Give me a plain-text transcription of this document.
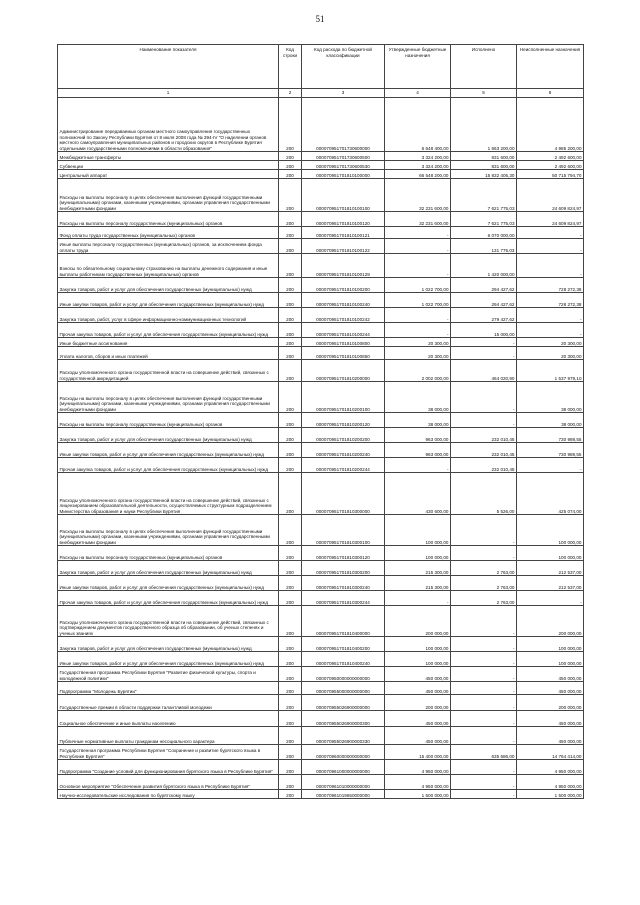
51
Наименование показателя	Код строки	Код расхода по бюджетной классификации	Утвержденные бюджетные назначения	Исполнено	Неисполненные назначения
1	2	3	4	5	6
Администрирование передаваемых органам местного самоуправления государственных полномочий по Закону Республики Бурятия от 8 июля 2008 года № 394-IV "О наделении органов местного самоуправления муниципальных районов и городских округов в Республике Бурятия отдельными государственными полномочиями в области образования"	200	000070951701730600000	6 648 400,00	1 663 200,00	4 985 200,00
Межбюджетные трансферты	200	000070951701730600500	3 324 200,00	831 600,00	2 492 600,00
Субвенции	200	000070951701730600530	3 324 200,00	831 600,00	2 492 600,00
Центральный аппарат	200	000070951701810100000	66 548 200,00	15 832 405,30	50 715 794,70
Расходы на выплаты персоналу в целях обеспечения выполнения функций государственными (муниципальными) органами, казенными учреждениями, органами управления государственными внебюджетными фондами	200	000070951701810100100	32 231 600,00	7 621 775,03	24 609 824,97
Расходы на выплаты персоналу государственных (муниципальных) органов	200	000070951701810100120	32 231 600,00	7 621 775,03	24 609 824,97
Фонд оплаты труда государственных (муниципальных) органов	200	000070951701810100121	-	6 070 000,00	-
Иные выплаты персоналу государственных (муниципальных) органов, за исключением фонда оплаты труда	200	000070951701810100122	-	131 775,03	-
Взносы по обязательному социальному страхованию на выплаты денежного содержания и иные выплаты работникам государственных (муниципальных) органов	200	000070951701810100129	-	1 420 000,00	-
Закупка товаров, работ и услуг для обеспечения государственных (муниципальных) нужд	200	000070951701810100200	1 022 700,00	294 427,62	728 272,38
Иные закупки товаров, работ и услуг для обеспечения государственных (муниципальных) нужд	200	000070951701810100240	1 022 700,00	294 427,62	728 272,38
Закупка товаров, работ, услуг в сфере информационно-коммуникационных технологий	200	000070951701810100242	-	279 427,62	-
Прочая закупка товаров, работ и услуг для обеспечения государственных (муниципальных) нужд	200	000070951701810100244	-	15 000,00	-
Иные бюджетные ассигнования	200	000070951701810100800	20 300,00	-	20 300,00
Уплата налогов, сборов и иных платежей	200	000070951701810100850	20 300,00	-	20 300,00
Расходы уполномоченного органа государственной власти на совершение действий, связанных с государственной аккредитацией	200	000070951701810200000	2 002 000,00	464 020,90	1 537 979,10
Расходы на выплаты персоналу в целях обеспечения выполнения функций государственными (муниципальными) органами, казенными учреждениями, органами управления государственными внебюджетными фондами	200	000070951701810200100	38 000,00	-	38 000,00
Расходы на выплаты персоналу государственных (муниципальных) органов	200	000070951701810200120	38 000,00	-	38 000,00
Закупка товаров, работ и услуг для обеспечения государственных (муниципальных) нужд	200	000070951701810200200	963 000,00	232 010,45	730 989,55
Иные закупки товаров, работ и услуг для обеспечения государственных (муниципальных) нужд	200	000070951701810200240	963 000,00	232 010,45	730 989,55
Прочая закупка товаров, работ и услуг для обеспечения государственных (муниципальных) нужд	200	000070951701810200244	-	232 010,45	-
Расходы уполномоченного органа государственной власти на совершение действий, связанных с лицензированием образовательной деятельности, осуществляемых структурным подразделением Министерства образования и науки Республики Бурятия	200	000070951701810300000	430 600,00	5 526,00	425 074,00
Расходы на выплаты персоналу в целях обеспечения выполнения функций государственными (муниципальными) органами, казенными учреждениями, органами управления государственными внебюджетными фондами	200	000070951701810300100	100 000,00	-	100 000,00
Расходы на выплаты персоналу государственных (муниципальных) органов	200	000070951701810300120	100 000,00	-	100 000,00
Закупка товаров, работ и услуг для обеспечения государственных (муниципальных) нужд	200	000070951701810300200	215 300,00	2 763,00	212 537,00
Иные закупки товаров, работ и услуг для обеспечения государственных (муниципальных) нужд	200	000070951701810300240	215 300,00	2 763,00	212 537,00
Прочая закупка товаров, работ и услуг для обеспечения государственных (муниципальных) нужд	200	000070951701810300244	-	2 763,00	-
Расходы уполномоченного органа государственной власти на совершение действий, связанных с подтверждением документов государственного образца об образовании, об ученых степенях и ученых званиях	200	000070951701810400000	200 000,00	-	200 000,00
Закупка товаров, работ и услуг для обеспечения государственных (муниципальных) нужд	200	000070951701810400200	100 000,00	-	100 000,00
Иные закупки товаров, работ и услуг для обеспечения государственных (муниципальных) нужд	200	000070951701810400240	100 000,00	-	100 000,00
Государственная программа Республики Бурятия "Развитие физической культуры, спорта и молодежной политики"	200	000070950000000000000	450 000,00	-	450 000,00
Подпрограмма "Молодежь Бурятии"	200	000070955000000000000	450 000,00	-	450 000,00
Государственные премии в области поддержки талантливой молодежи	200	000070955026900000000	200 000,00	-	200 000,00
Социальное обеспечение и иные выплаты населению	200	000070955026900000300	450 000,00	-	450 000,00
Публичные нормативные выплаты гражданам несоциального характера	200	000070955026900000330	450 000,00	-	450 000,00
Государственная программа Республики Бурятия "Сохранение и развитие бурятского языка в Республике Бурятия"	200	000070960000000000000	15 400 000,00	635 586,00	14 764 414,00
Подпрограмма "Создание условий для функционирования бурятского языка в Республике Бурятия"	200	000070961000000000000	4 950 000,00	-	4 950 000,00
Основное мероприятие "Обеспечение развития бурятского языка в Республике Бурятия"	200	000070961010000000000	4 950 000,00	-	4 950 000,00
Научно-исследовательские исследования по бурятскому языку	200	000070961019650000000	1 500 000,00	-	1 500 000,00
